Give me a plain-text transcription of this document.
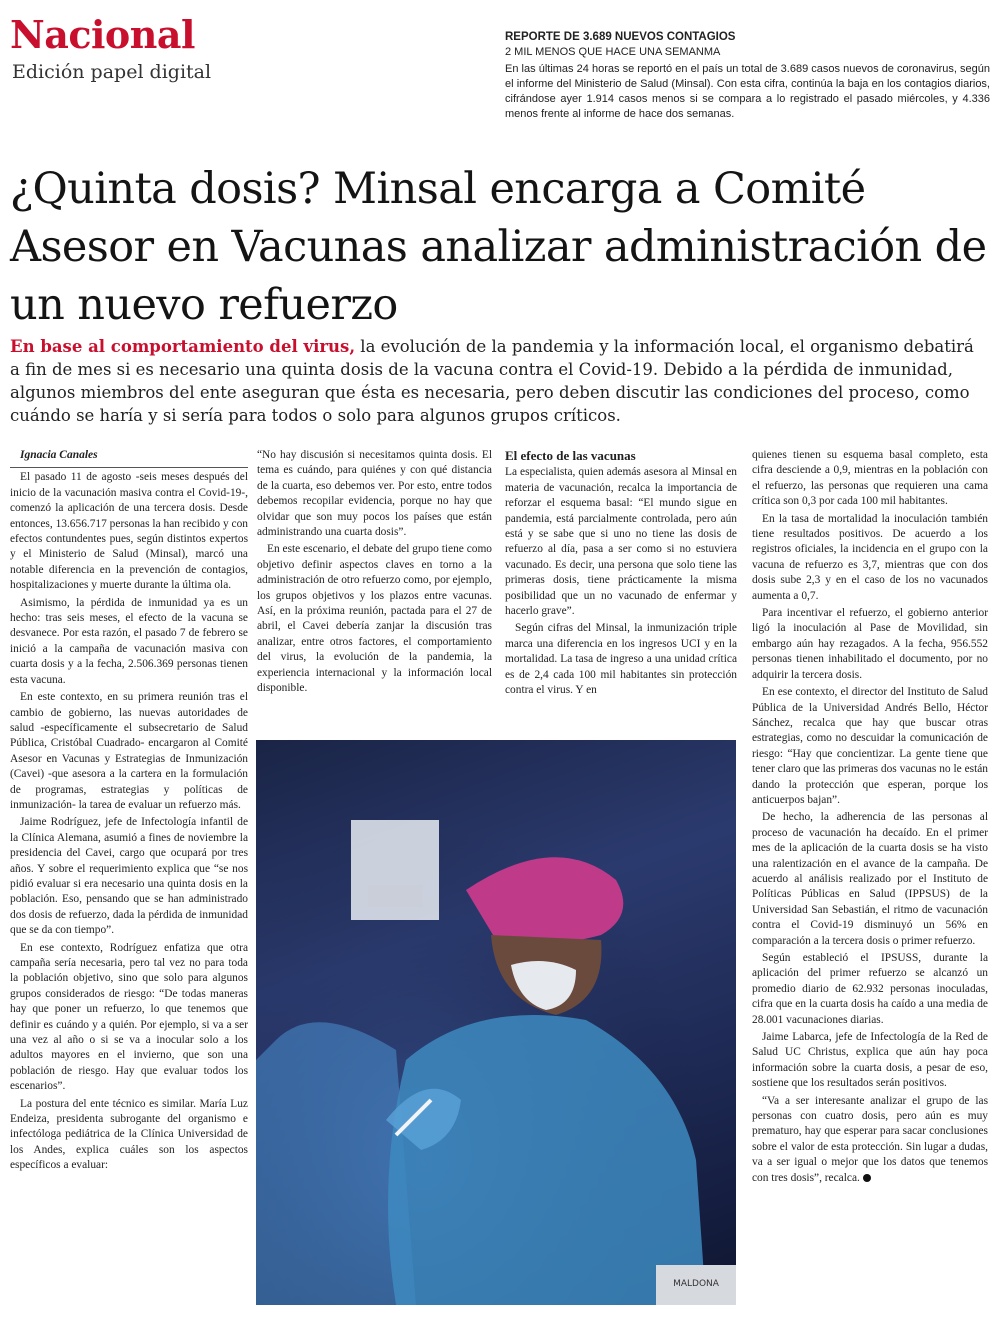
Nacional
Edición papel digital
REPORTE DE 3.689 NUEVOS CONTAGIOS
2 MIL MENOS QUE HACE UNA SEMANMA
En las últimas 24 horas se reportó en el país un total de 3.689 casos nuevos de coronavirus, según el informe del Ministerio de Salud (Minsal). Con esta cifra, continúa la baja en los contagios diarios, cifrándose ayer 1.914 casos menos si se compara a lo registrado el pasado miércoles, y 4.336 menos frente al informe de hace dos semanas.
¿Quinta dosis? Minsal encarga a Comité Asesor en Vacunas analizar administración de un nuevo refuerzo

En base al comportamiento del virus, la evolución de la pandemia y la información local, el organismo debatirá a fin de mes si es necesario una quinta dosis de la vacuna contra el Covid-19. Debido a la pérdida de inmunidad, algunos miembros del ente aseguran que ésta es necesaria, pero deben discutir las condiciones del proceso, como cuándo se haría y si sería para todos o solo para algunos grupos críticos.

Ignacia Canales

El pasado 11 de agosto -seis meses después del inicio de la vacunación masiva contra el Covid-19-, comenzó la aplicación de una tercera dosis. Desde entonces, 13.656.717 personas la han recibido y con efectos contundentes pues, según distintos expertos y el Ministerio de Salud (Minsal), marcó una notable diferencia en la prevención de contagios, hospitalizaciones y muerte durante la última ola.

Asimismo, la pérdida de inmunidad ya es un hecho: tras seis meses, el efecto de la vacuna se desvanece. Por esta razón, el pasado 7 de febrero se inició a la campaña de vacunación masiva con cuarta dosis y a la fecha, 2.506.369 personas tienen esta vacuna.

En este contexto, en su primera reunión tras el cambio de gobierno, las nuevas autoridades de salud -específicamente el subsecretario de Salud Pública, Cristóbal Cuadrado- encargaron al Comité Asesor en Vacunas y Estrategias de Inmunización (Cavei) -que asesora a la cartera en la formulación de programas, estrategias y políticas de inmunización- la tarea de evaluar un refuerzo más.

Jaime Rodríguez, jefe de Infectología infantil de la Clínica Alemana, asumió a fines de noviembre la presidencia del Cavei, cargo que ocupará por tres años. Y sobre el requerimiento explica que “se nos pidió evaluar si era necesario una quinta dosis en la población. Eso, pensando que se han administrado dos dosis de refuerzo, dada la pérdida de inmunidad que se da con tiempo”.

En ese contexto, Rodríguez enfatiza que otra campaña sería necesaria, pero tal vez no para toda la población objetivo, sino que solo para algunos grupos considerados de riesgo: “De todas maneras hay que poner un refuerzo, lo que tenemos que definir es cuándo y a quién. Por ejemplo, si va a ser una vez al año o si se va a inocular solo a los adultos mayores en el invierno, que son una población de riesgo. Hay que evaluar todos los escenarios”.

La postura del ente técnico es similar. María Luz Endeiza, presidenta subrogante del organismo e infectóloga pediátrica de la Clínica Universidad de los Andes, explica cuáles son los aspectos específicos a evaluar:

“No hay discusión si necesitamos quinta dosis. El tema es cuándo, para quiénes y con qué distancia de la cuarta, eso debemos ver. Por esto, entre todos debemos recopilar evidencia, porque no hay que olvidar que son muy pocos los países que están administrando una cuarta dosis”.

En este escenario, el debate del grupo tiene como objetivo definir aspectos claves en torno a la administración de otro refuerzo como, por ejemplo, los grupos objetivos y los plazos entre vacunas. Así, en la próxima reunión, pactada para el 27 de abril, el Cavei debería zanjar la discusión tras analizar, entre otros factores, el comportamiento del virus, la evolución de la pandemia, la experiencia internacional y la información local disponible.

El efecto de las vacunas

La especialista, quien además asesora al Minsal en materia de vacunación, recalca la importancia de reforzar el esquema basal: “El mundo sigue en pandemia, está parcialmente controlada, pero aún está y se sabe que si uno no tiene las dosis de refuerzo al día, pasa a ser como si no estuviera vacunado. Es decir, una persona que solo tiene las primeras dosis, tiene prácticamente la misma posibilidad que un no vacunado de enfermar y hacerlo grave”.

Según cifras del Minsal, la inmunización triple marca una diferencia en los ingresos UCI y en la mortalidad. La tasa de ingreso a una unidad crítica es de 2,4 cada 100 mil habitantes sin protección contra el virus. Y en

quienes tienen su esquema basal completo, esta cifra desciende a 0,9, mientras en la población con el refuerzo, las personas que requieren una cama crítica son 0,3 por cada 100 mil habitantes.

En la tasa de mortalidad la inoculación también tiene resultados positivos. De acuerdo a los registros oficiales, la incidencia en el grupo con la vacuna de refuerzo es 3,7, mientras que con dos dosis sube 2,3 y en el caso de los no vacunados aumenta a 0,7.

Para incentivar el refuerzo, el gobierno anterior ligó la inoculación al Pase de Movilidad, sin embargo aún hay rezagados. A la fecha, 956.552 personas tienen inhabilitado el documento, por no adquirir la tercera dosis.

En ese contexto, el director del Instituto de Salud Pública de la Universidad Andrés Bello, Héctor Sánchez, recalca que hay que buscar otras estrategias, como no descuidar la comunicación de riesgo: “Hay que concientizar. La gente tiene que tener claro que las primeras dos vacunas no le están dando la protección que esperan, porque los anticuerpos bajan”.

De hecho, la adherencia de las personas al proceso de vacunación ha decaído. En el primer mes de la aplicación de la cuarta dosis se ha visto una ralentización en el avance de la campaña. De acuerdo al análisis realizado por el Instituto de Políticas Públicas en Salud (IPPSUS) de la Universidad San Sebastián, el ritmo de vacunación contra el Covid-19 disminuyó un 56% en comparación a la tercera dosis o primer refuerzo.

Según estableció el IPSUSS, durante la aplicación del primer refuerzo se alcanzó un promedio diario de 62.932 personas inoculadas, cifra que en la cuarta dosis ha caído a una media de 28.001 vacunaciones diarias.

Jaime Labarca, jefe de Infectología de la Red de Salud UC Christus, explica que aún hay poca información sobre la cuarta dosis, a pesar de eso, sostiene que los resultados serán positivos.

“Va a ser interesante analizar el grupo de las personas con cuatro dosis, pero aún es muy prematuro, hay que esperar para sacar conclusiones sobre el valor de esta protección. Sin lugar a dudas, va a ser igual o mejor que los datos que tenemos con tres dosis”, recalca.

MALDONA
